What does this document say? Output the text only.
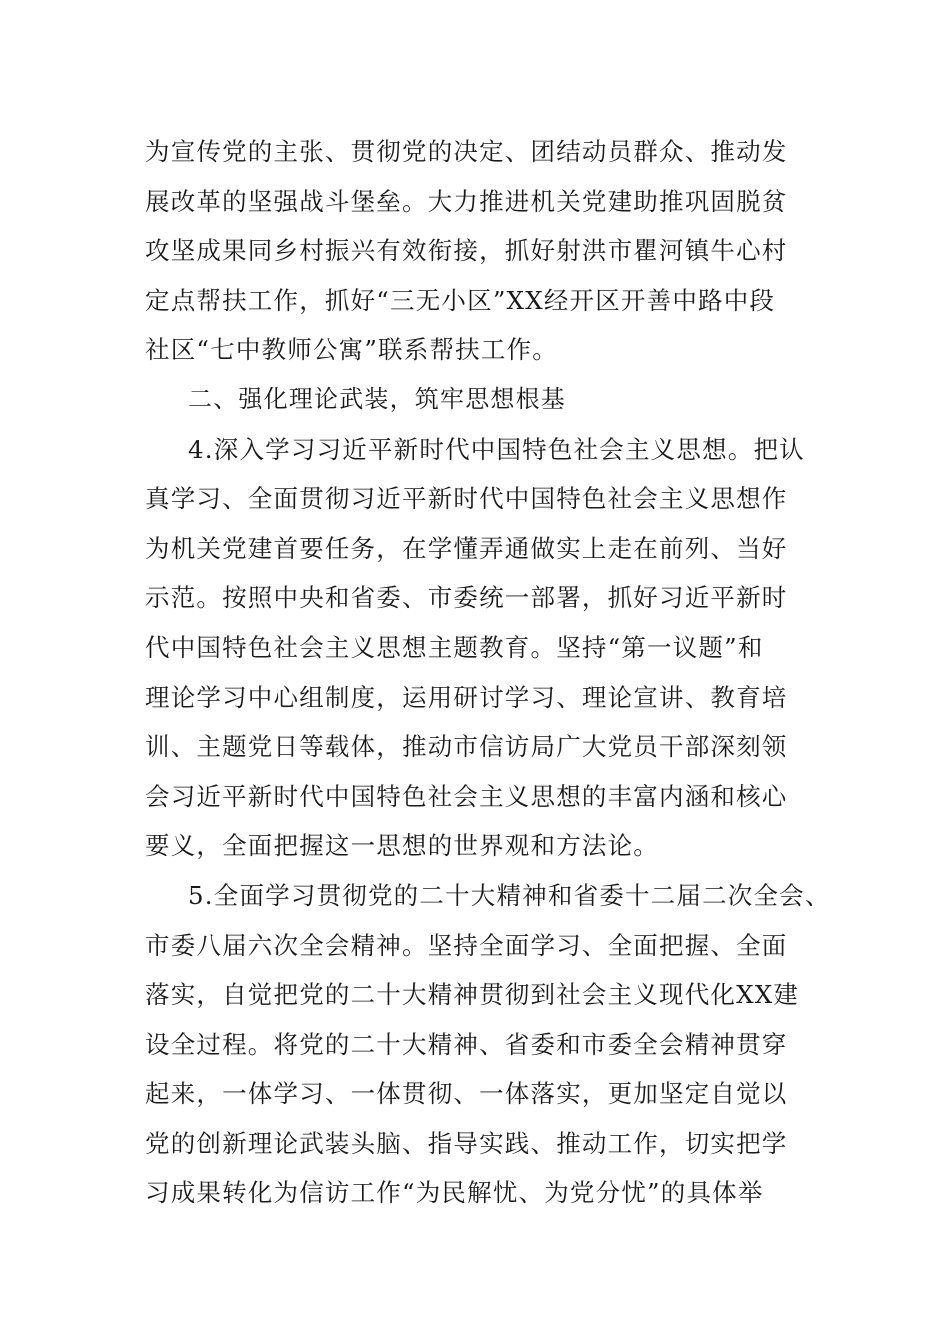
为宣传党的主张、贯彻党的决定、团结动员群众、推动发
展改革的坚强战斗堡垒。大力推进机关党建助推巩固脱贫
攻坚成果同乡村振兴有效衔接，抓好射洪市瞿河镇牛心村
定点帮扶工作，抓好“三无小区”XX经开区开善中路中段
社区“七中教师公寓”联系帮扶工作。
二、强化理论武装，筑牢思想根基
4.深入学习习近平新时代中国特色社会主义思想。把认
真学习、全面贯彻习近平新时代中国特色社会主义思想作
为机关党建首要任务，在学懂弄通做实上走在前列、当好
示范。按照中央和省委、市委统一部署，抓好习近平新时
代中国特色社会主义思想主题教育。坚持“第一议题”和
理论学习中心组制度，运用研讨学习、理论宣讲、教育培
训、主题党日等载体，推动市信访局广大党员干部深刻领
会习近平新时代中国特色社会主义思想的丰富内涵和核心
要义，全面把握这一思想的世界观和方法论。
5.全面学习贯彻党的二十大精神和省委十二届二次全会、
市委八届六次全会精神。坚持全面学习、全面把握、全面
落实，自觉把党的二十大精神贯彻到社会主义现代化XX建
设全过程。将党的二十大精神、省委和市委全会精神贯穿
起来，一体学习、一体贯彻、一体落实，更加坚定自觉以
党的创新理论武装头脑、指导实践、推动工作，切实把学
习成果转化为信访工作“为民解忧、为党分忧”的具体举
